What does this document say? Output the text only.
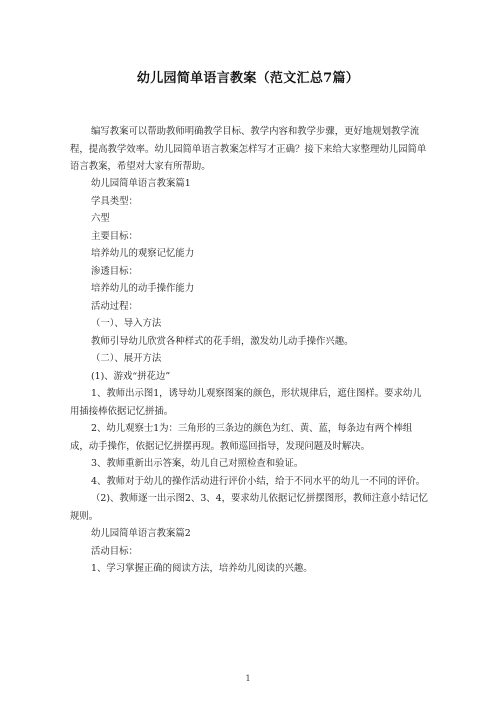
幼儿园简单语言教案（范文汇总7篇）

编写教案可以帮助教师明确教学目标、教学内容和教学步骤，更好地规划教学流程，提高教学效率。幼儿园简单语言教案怎样写才正确？接下来给大家整理幼儿园简单语言教案，希望对大家有所帮助。

幼儿园简单语言教案篇1

学具类型：

六型

主要目标：

培养幼儿的观察记忆能力

渗透目标：

培养幼儿的动手操作能力

活动过程：

（一）、导入方法

教师引导幼儿欣赏各种样式的花手绢，激发幼儿动手操作兴趣。

（二）、展开方法

(1)、游戏“拼花边”

1、教师出示图1，诱导幼儿观察图案的颜色，形状规律后，遮住图样。要求幼儿用插接棒依据记忆拼插。

2、幼儿观察士1为：三角形的三条边的颜色为红、黄、蓝，每条边有两个棒组成，动手操作，依据记忆拼摆再现。教师巡回指导，发现问题及时解决。

3、教师重新出示答案，幼儿自己对照检查和验证。

4、教师对于幼儿的操作活动进行评价小结，给于不同水平的幼儿一不同的评价。

（2)、教师逐一出示图2、3、4，要求幼儿依据记忆拼摆图形，教师注意小结记忆规则。

幼儿园简单语言教案篇2

活动目标：

1、学习掌握正确的阅读方法，培养幼儿阅读的兴趣。

1
